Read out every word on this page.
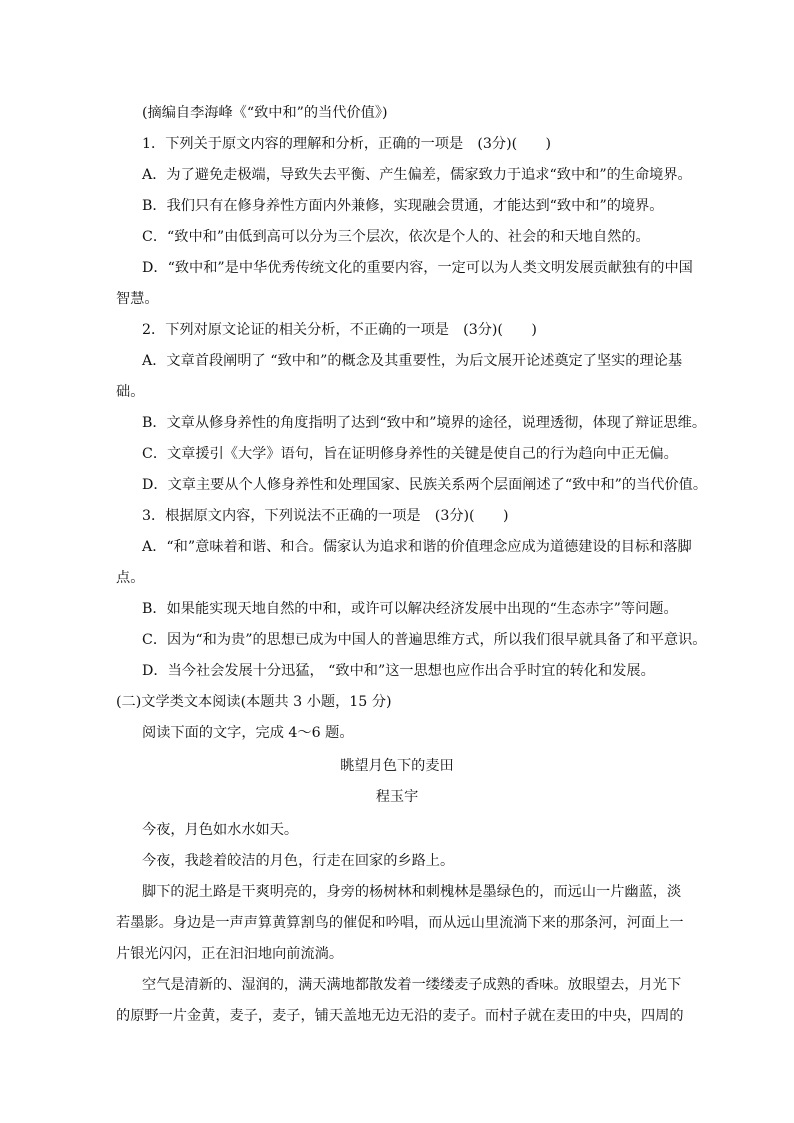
(摘编自李海峰《“致中和”的当代价值》)
1．下列关于原文内容的理解和分析，正确的一项是　(3分)(　　)
A．为了避免走极端，导致失去平衡、产生偏差，儒家致力于追求“致中和”的生命境界。
B．我们只有在修身养性方面内外兼修，实现融会贯通，才能达到“致中和”的境界。
C．“致中和”由低到高可以分为三个层次，依次是个人的、社会的和天地自然的。
D．“致中和”是中华优秀传统文化的重要内容，一定可以为人类文明发展贡献独有的中国
智慧。
2．下列对原文论证的相关分析，不正确的一项是　(3分)(　　)
A．文章首段阐明了 “致中和”的概念及其重要性，为后文展开论述奠定了坚实的理论基
础。
B．文章从修身养性的角度指明了达到“致中和”境界的途径，说理透彻，体现了辩证思维。
C．文章援引《大学》语句，旨在证明修身养性的关键是使自己的行为趋向中正无偏。
D．文章主要从个人修身养性和处理国家、民族关系两个层面阐述了“致中和”的当代价值。
3．根据原文内容，下列说法不正确的一项是　(3分)(　　)
A．“和”意味着和谐、和合。儒家认为追求和谐的价值理念应成为道德建设的目标和落脚
点。
B．如果能实现天地自然的中和，或许可以解决经济发展中出现的“生态赤字”等问题。
C．因为“和为贵”的思想已成为中国人的普遍思维方式，所以我们很早就具备了和平意识。
D．当今社会发展十分迅猛， “致中和”这一思想也应作出合乎时宜的转化和发展。
(二)文学类文本阅读(本题共 3 小题，15 分)
阅读下面的文字，完成 4～6 题。
眺望月色下的麦田
程玉宇
今夜，月色如水水如天。
今夜，我趁着皎洁的月色，行走在回家的乡路上。
脚下的泥土路是干爽明亮的，身旁的杨树林和刺槐林是墨绿色的，而远山一片幽蓝，淡
若墨影。身边是一声声算黄算割鸟的催促和吟唱，而从远山里流淌下来的那条河，河面上一
片银光闪闪，正在汩汩地向前流淌。
空气是清新的、湿润的，满天满地都散发着一缕缕麦子成熟的香味。放眼望去，月光下
的原野一片金黄，麦子，麦子，铺天盖地无边无沿的麦子。而村子就在麦田的中央，四周的
